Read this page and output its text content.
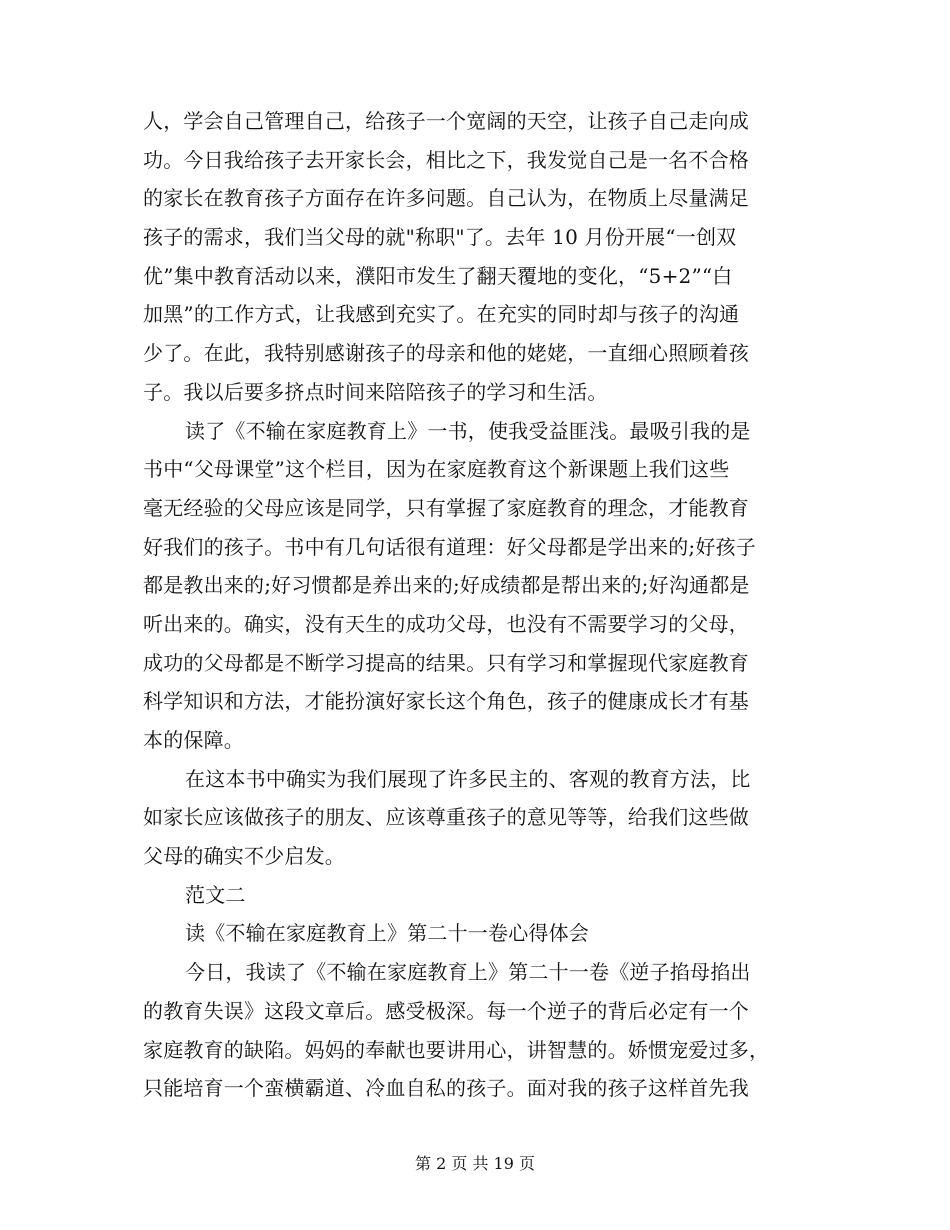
人，学会自己管理自己，给孩子一个宽阔的天空，让孩子自己走向成
功。今日我给孩子去开家长会，相比之下，我发觉自己是一名不合格
的家长在教育孩子方面存在许多问题。自己认为，在物质上尽量满足
孩子的需求，我们当父母的就"称职"了。去年 10 月份开展“一创双
优”集中教育活动以来，濮阳市发生了翻天覆地的变化，“5+2”“白
加黑”的工作方式，让我感到充实了。在充实的同时却与孩子的沟通
少了。在此，我特别感谢孩子的母亲和他的姥姥，一直细心照顾着孩
子。我以后要多挤点时间来陪陪孩子的学习和生活。
读了《不输在家庭教育上》一书，使我受益匪浅。最吸引我的是
书中“父母课堂”这个栏目，因为在家庭教育这个新课题上我们这些
毫无经验的父母应该是同学，只有掌握了家庭教育的理念，才能教育
好我们的孩子。书中有几句话很有道理：好父母都是学出来的;好孩子
都是教出来的;好习惯都是养出来的;好成绩都是帮出来的;好沟通都是
听出来的。确实，没有天生的成功父母，也没有不需要学习的父母，
成功的父母都是不断学习提高的结果。只有学习和掌握现代家庭教育
科学知识和方法，才能扮演好家长这个角色，孩子的健康成长才有基
本的保障。
在这本书中确实为我们展现了许多民主的、客观的教育方法，比
如家长应该做孩子的朋友、应该尊重孩子的意见等等，给我们这些做
父母的确实不少启发。
范文二
读《不输在家庭教育上》第二十一卷心得体会
今日，我读了《不输在家庭教育上》第二十一卷《逆子掐母掐出
的教育失误》这段文章后。感受极深。每一个逆子的背后必定有一个
家庭教育的缺陷。妈妈的奉献也要讲用心，讲智慧的。娇惯宠爱过多，
只能培育一个蛮横霸道、冷血自私的孩子。面对我的孩子这样首先我
第 2 页 共 19 页
